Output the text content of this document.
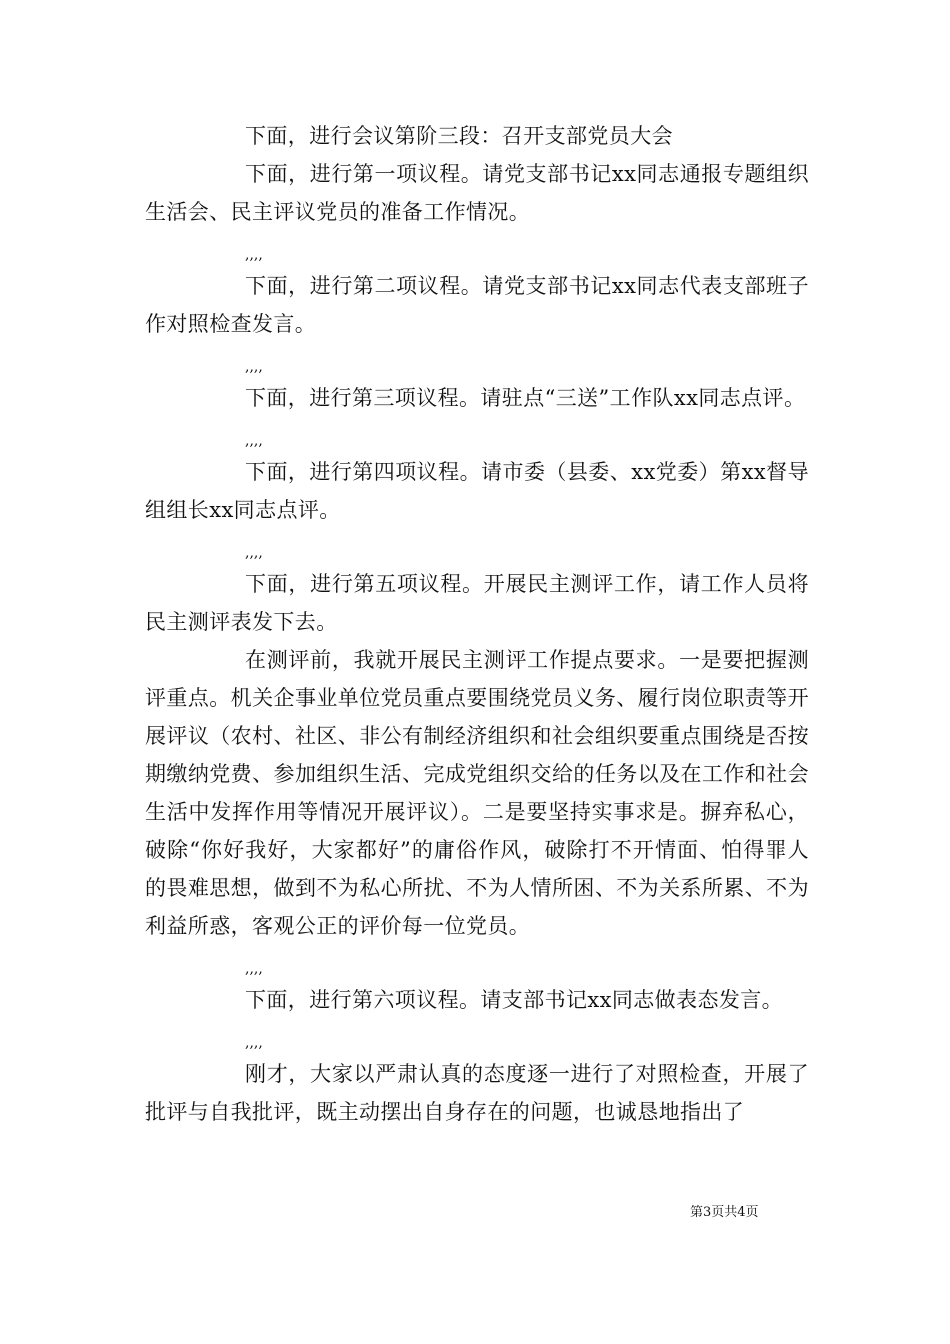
下面，进行会议第阶三段：召开支部党员大会

下面，进行第一项议程。请党支部书记xx同志通报专题组织生活会、民主评议党员的准备工作情况。

,,,,

下面，进行第二项议程。请党支部书记xx同志代表支部班子作对照检查发言。

,,,,

下面，进行第三项议程。请驻点“三送”工作队xx同志点评。

,,,,

下面，进行第四项议程。请市委（县委、xx党委）第xx督导组组长xx同志点评。

,,,,

下面，进行第五项议程。开展民主测评工作，请工作人员将民主测评表发下去。

在测评前，我就开展民主测评工作提点要求。一是要把握测评重点。机关企事业单位党员重点要围绕党员义务、履行岗位职责等开展评议（农村、社区、非公有制经济组织和社会组织要重点围绕是否按期缴纳党费、参加组织生活、完成党组织交给的任务以及在工作和社会生活中发挥作用等情况开展评议）。二是要坚持实事求是。摒弃私心，破除“你好我好，大家都好”的庸俗作风，破除打不开情面、怕得罪人的畏难思想，做到不为私心所扰、不为人情所困、不为关系所累、不为利益所惑，客观公正的评价每一位党员。

,,,,

下面，进行第六项议程。请支部书记xx同志做表态发言。

,,,,

刚才，大家以严肃认真的态度逐一进行了对照检查，开展了批评与自我批评，既主动摆出自身存在的问题，也诚恳地指出了

第3页共4页
